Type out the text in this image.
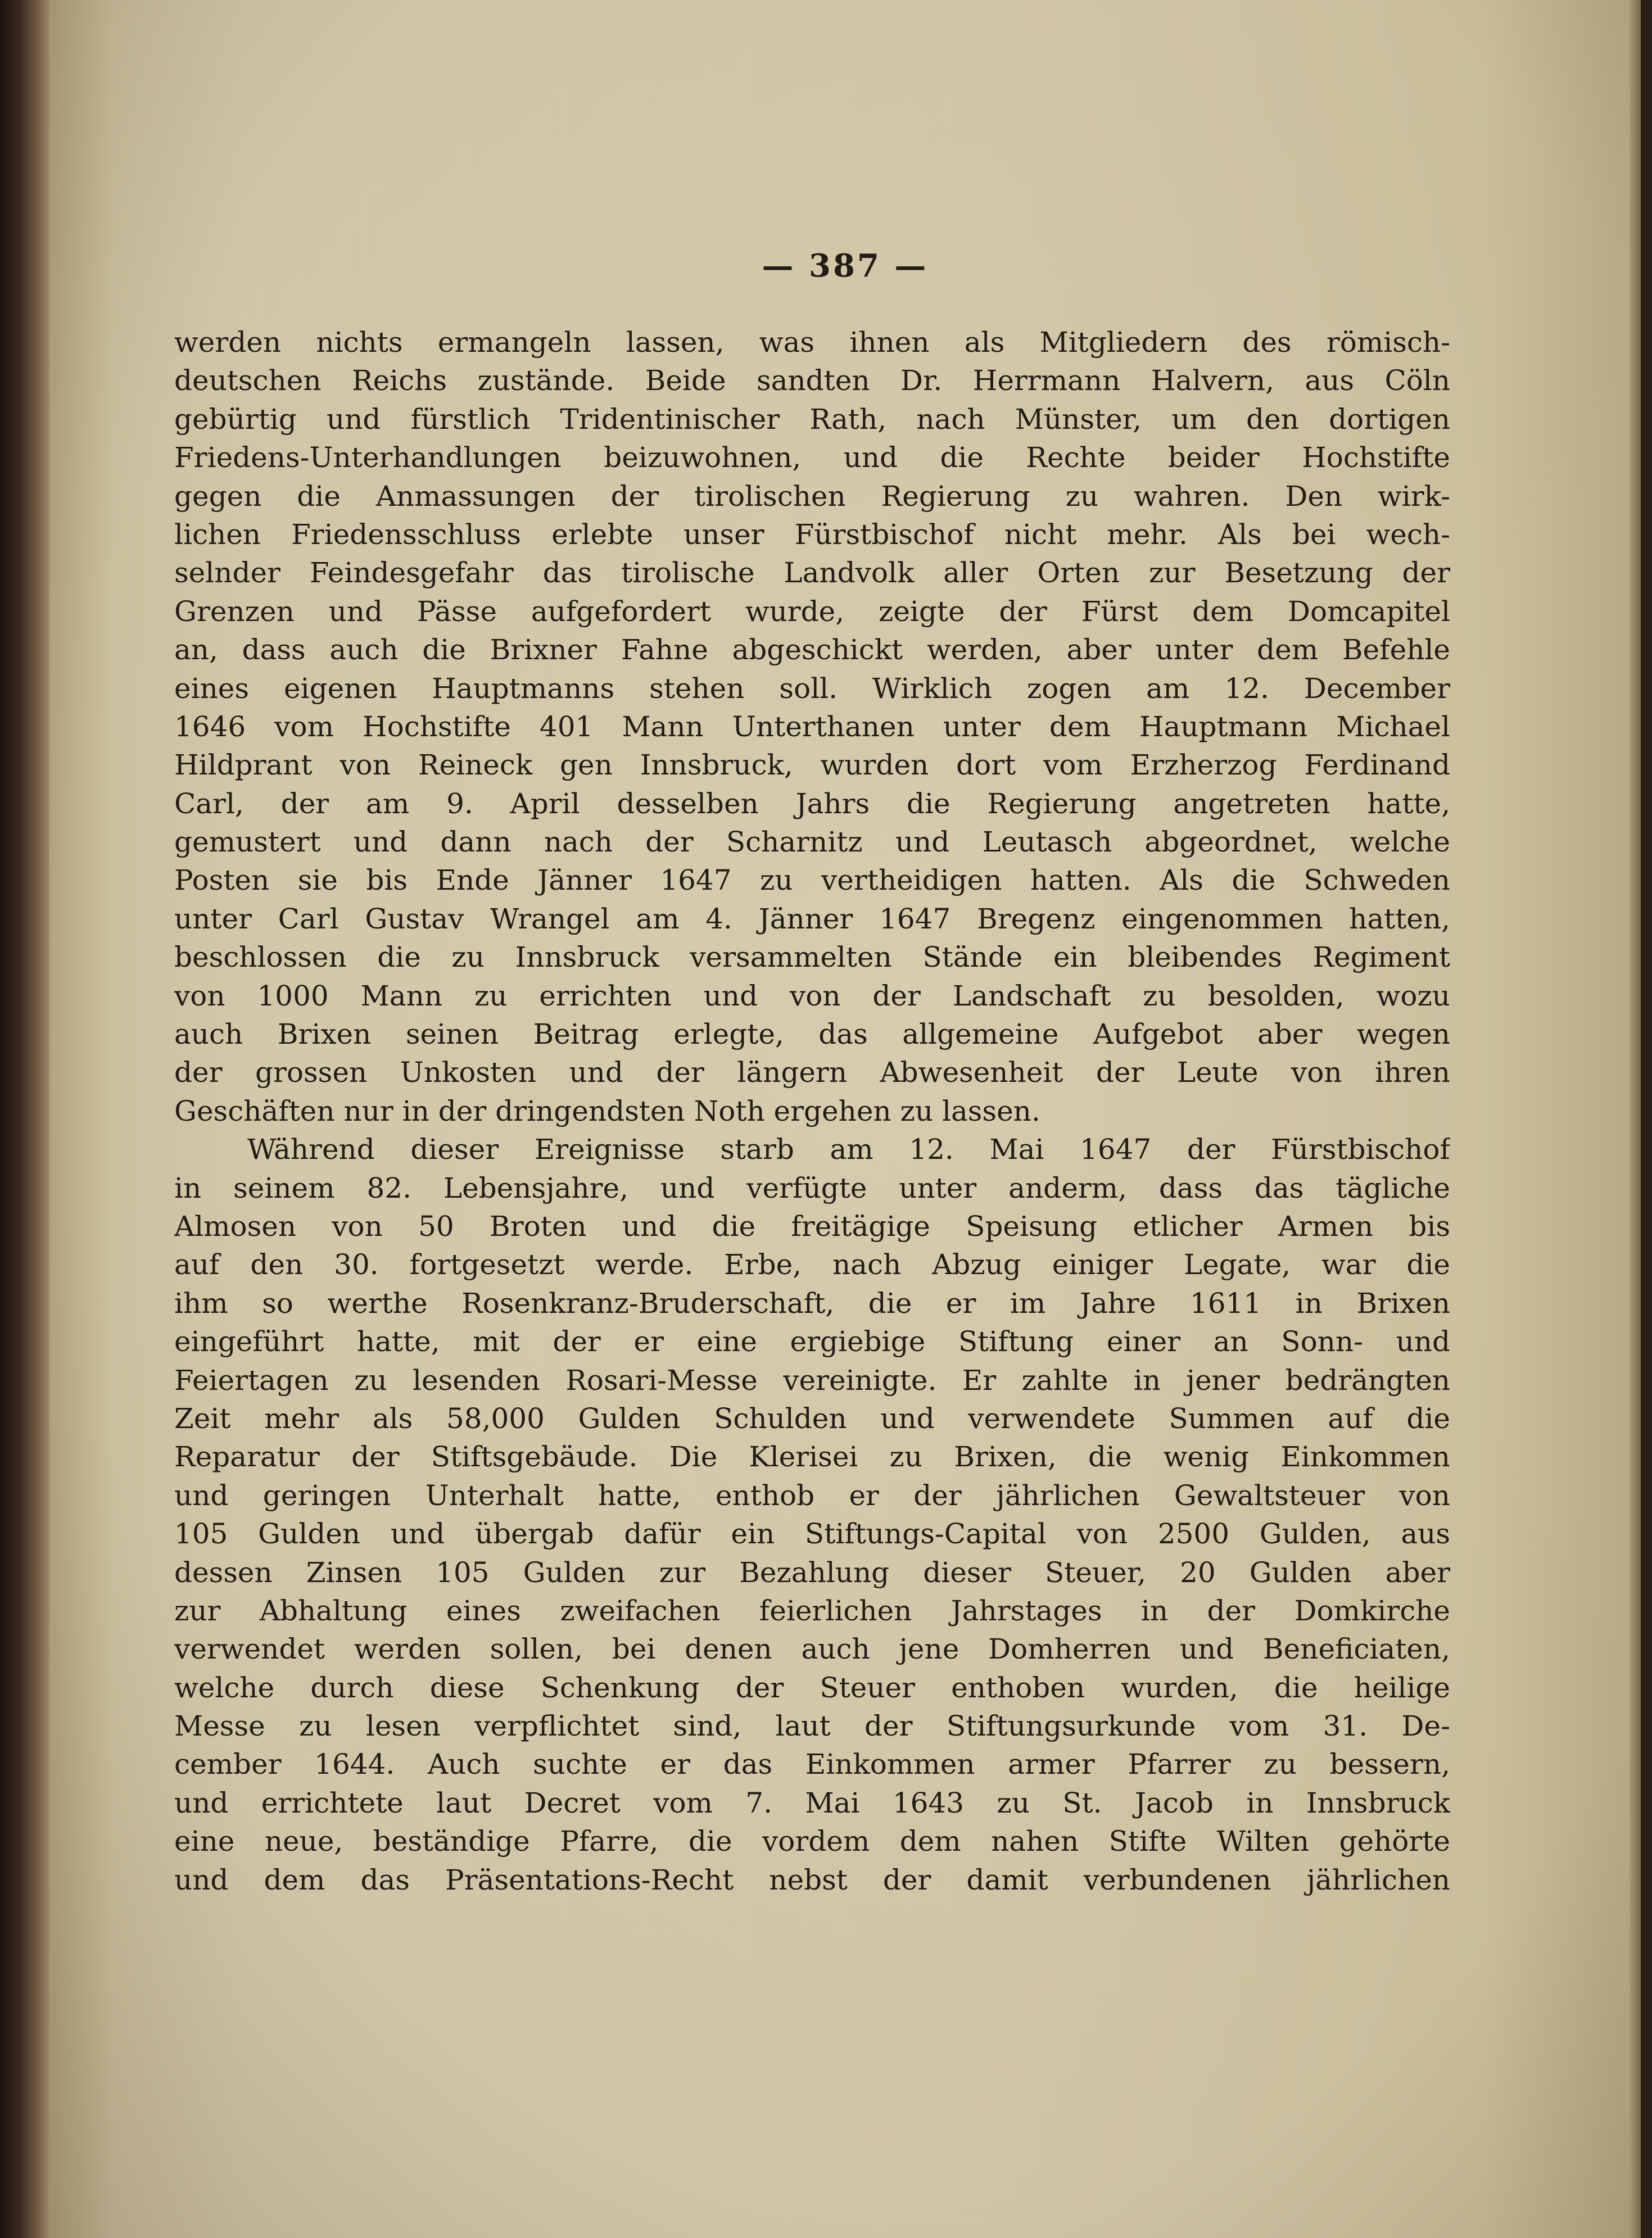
— 387 —
werden nichts ermangeln lassen, was ihnen als Mitgliedern des römisch-
deutschen Reichs zustände. Beide sandten Dr. Herrmann Halvern, aus Cöln
gebürtig und fürstlich Tridentinischer Rath, nach Münster, um den dortigen
Friedens-Unterhandlungen beizuwohnen, und die Rechte beider Hochstifte
gegen die Anmassungen der tirolischen Regierung zu wahren. Den wirk-
lichen Friedensschluss erlebte unser Fürstbischof nicht mehr. Als bei wech-
selnder Feindesgefahr das tirolische Landvolk aller Orten zur Besetzung der
Grenzen und Pässe aufgefordert wurde, zeigte der Fürst dem Domcapitel
an, dass auch die Brixner Fahne abgeschickt werden, aber unter dem Befehle
eines eigenen Hauptmanns stehen soll. Wirklich zogen am 12. December
1646 vom Hochstifte 401 Mann Unterthanen unter dem Hauptmann Michael
Hildprant von Reineck gen Innsbruck, wurden dort vom Erzherzog Ferdinand
Carl, der am 9. April desselben Jahrs die Regierung angetreten hatte,
gemustert und dann nach der Scharnitz und Leutasch abgeordnet, welche
Posten sie bis Ende Jänner 1647 zu vertheidigen hatten. Als die Schweden
unter Carl Gustav Wrangel am 4. Jänner 1647 Bregenz eingenommen hatten,
beschlossen die zu Innsbruck versammelten Stände ein bleibendes Regiment
von 1000 Mann zu errichten und von der Landschaft zu besolden, wozu
auch Brixen seinen Beitrag erlegte, das allgemeine Aufgebot aber wegen
der grossen Unkosten und der längern Abwesenheit der Leute von ihren
Geschäften nur in der dringendsten Noth ergehen zu lassen.
Während dieser Ereignisse starb am 12. Mai 1647 der Fürstbischof
in seinem 82. Lebensjahre, und verfügte unter anderm, dass das tägliche
Almosen von 50 Broten und die freitägige Speisung etlicher Armen bis
auf den 30. fortgesetzt werde. Erbe, nach Abzug einiger Legate, war die
ihm so werthe Rosenkranz-Bruderschaft, die er im Jahre 1611 in Brixen
eingeführt hatte, mit der er eine ergiebige Stiftung einer an Sonn- und
Feiertagen zu lesenden Rosari-Messe vereinigte. Er zahlte in jener bedrängten
Zeit mehr als 58,000 Gulden Schulden und verwendete Summen auf die
Reparatur der Stiftsgebäude. Die Klerisei zu Brixen, die wenig Einkommen
und geringen Unterhalt hatte, enthob er der jährlichen Gewaltsteuer von
105 Gulden und übergab dafür ein Stiftungs-Capital von 2500 Gulden, aus
dessen Zinsen 105 Gulden zur Bezahlung dieser Steuer, 20 Gulden aber
zur Abhaltung eines zweifachen feierlichen Jahrstages in der Domkirche
verwendet werden sollen, bei denen auch jene Domherren und Beneficiaten,
welche durch diese Schenkung der Steuer enthoben wurden, die heilige
Messe zu lesen verpflichtet sind, laut der Stiftungsurkunde vom 31. De-
cember 1644. Auch suchte er das Einkommen armer Pfarrer zu bessern,
und errichtete laut Decret vom 7. Mai 1643 zu St. Jacob in Innsbruck
eine neue, beständige Pfarre, die vordem dem nahen Stifte Wilten gehörte
und dem das Präsentations-Recht nebst der damit verbundenen jährlichen
